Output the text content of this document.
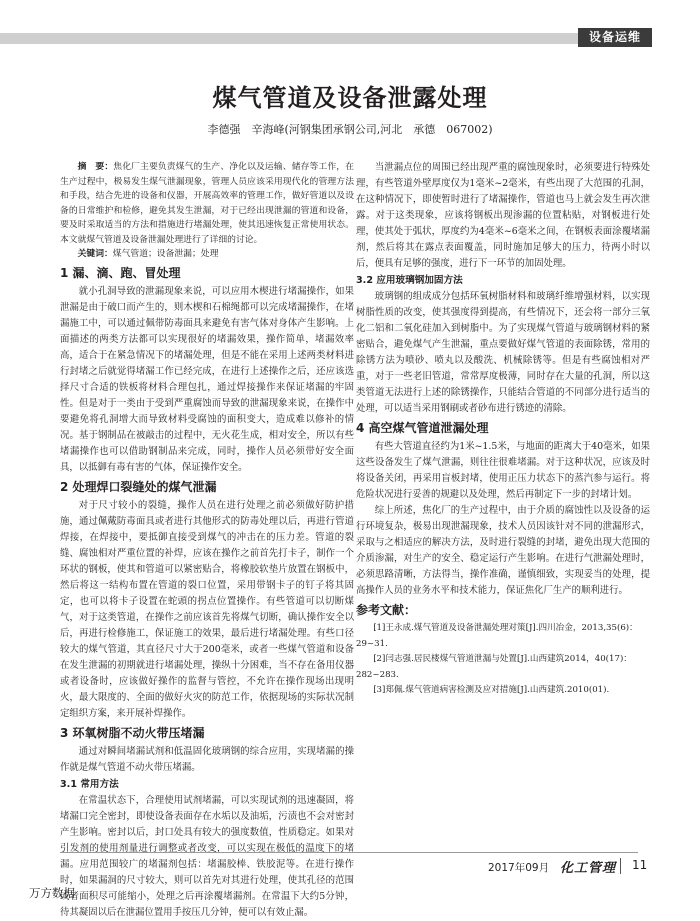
设备运维
煤气管道及设备泄露处理
李德强　辛海峰(河钢集团承钢公司,河北　承德　067002)

摘　要：焦化厂主要负责煤气的生产、净化以及运输、储存等工作，在生产过程中，极易发生煤气泄漏现象，管理人员应该采用现代化的管理方法和手段，结合先进的设备和仪器，开展高效率的管理工作，做好管道以及设备的日常维护和检修，避免其发生泄漏，对于已经出现泄漏的管道和设备，要及时采取适当的方法和措施进行堵漏处理，使其迅速恢复正常使用状态。本文就煤气管道及设备泄漏处理进行了详细的讨论。

关键词：煤气管道；设备泄漏；处理

1 漏、滴、跑、冒处理

就小孔洞导致的泄漏现象来说，可以应用木楔进行堵漏操作，如果泄漏是由于破口而产生的，则木楔和石棉绳都可以完成堵漏操作，在堵漏施工中，可以通过佩带防毒面具来避免有害气体对身体产生影响。上面描述的两类方法都可以实现很好的堵漏效果，操作简单，堵漏效率高，适合于在紧急情况下的堵漏处理，但是不能在采用上述两类材料进行封堵之后就觉得堵漏工作已经完成，在进行上述操作之后，还应该选择尺寸合适的铁板将材料合理包扎，通过焊接操作来保证堵漏的牢固性。但是对于一类由于受到严重腐蚀而导致的泄漏现象来说，在操作中要避免将孔洞增大而导致材料受腐蚀的面积变大，造成难以修补的情况。基于钢制品在被敲击的过程中，无火花生成，相对安全，所以有些堵漏操作也可以借助钢制品来完成，同时，操作人员必须带好安全面具，以抵御有毒有害的气体，保证操作安全。

2 处理焊口裂缝处的煤气泄漏

对于尺寸较小的裂缝，操作人员在进行处理之前必须做好防护措施，通过佩戴防毒面具或者进行其他形式的防毒处理以后，再进行管道焊接，在焊接中，要抵御直接受到煤气的冲击在的压力差。管道的裂缝、腐蚀相对严重位置的补焊，应该在操作之前首先打卡子，制作一个环状的钢板，使其和管道可以紧密贴合，将橡胶软垫片放置在钢板中，然后将这一结构布置在管道的裂口位置，采用带钢卡子的钉子将其固定，也可以将卡子设置在蛇頭的拐点位置操作。有些管道可以切断煤气，对于这类管道，在操作之前应该首先将煤气切断，确认操作安全以后，再进行检修施工，保证施工的效果，最后进行堵漏处理。有些口径较大的煤气管道，其直径尺寸大于200毫米，或者一些煤气管道和设备在发生泄漏的初期就进行堵漏处理，操纵十分困难，当不存在备用仪器或者设备时，应该做好操作的监督与管控，不允许在操作现场出现明火，最大限度的、全面的做好火灾的防范工作，依据现场的实际状况制定组织方案，来开展补焊操作。

3 环氧树脂不动火带压堵漏

通过对瞬间堵漏试剂和低温固化玻璃钢的综合应用，实现堵漏的操作就是煤气管道不动火带压堵漏。

3.1 常用方法

在常温状态下，合理使用试剂堵漏，可以实现试剂的迅速凝固，将堵漏口完全密封，即使设备表面存在水垢以及油垢，污渍也不会对密封产生影响。密封以后，封口处具有较大的强度数值，性质稳定。如果对引发剂的使用剂量进行调整或者改变，可以实现在极低的温度下的堵漏。应用范围较广的堵漏剂包括：堵漏胶棒、铁胶泥等。在进行操作时，如果漏洞的尺寸较大，则可以首先对其进行处理，使其孔径的范围或者面积尽可能缩小，处理之后再涂覆堵漏剂。在常温下大约5分钟，待其凝固以后在泄漏位置用手按压几分钟，便可以有效止漏。

当泄漏点位的周围已经出现严重的腐蚀现象时，必须要进行特殊处理，有些管道外壁厚度仅为1毫米~2毫米，有些出现了大范围的孔洞，在这种情况下，即使暂时进行了堵漏操作，管道也马上就会发生再次泄露。对于这类现象，应该将钢板出现渗漏的位置粘贴，对钢板进行处理，使其处于弧状，厚度约为4毫米~6毫米之间，在钢板表面涂覆堵漏剂，然后将其在露点表面覆盖，同时施加足够大的压力，待两小时以后，便具有足够的强度，进行下一环节的加固处理。

3.2 应用玻璃钢加固方法

玻璃钢的组成成分包括环氧树脂材料和玻璃纤维增强材料，以实现树脂性质的改变，使其强度得到提高，有些情况下，还会将一部分三氧化二铝和二氧化硅加入到树脂中。为了实现煤气管道与玻璃钢材料的紧密贴合，避免煤气产生泄漏，重点要做好煤气管道的表面除锈，常用的除锈方法为喷砂、喷丸以及酸洗、机械除锈等。但是有些腐蚀相对严重，对于一些老旧管道，常常厚度极薄，同时存在大量的孔洞，所以这类管道无法进行上述的除锈操作，只能结合管道的不同部分进行适当的处理，可以适当采用钢刷或者砂布进行锈迹的清除。

4 高空煤气管道泄漏处理

有些大管道直径约为1米~1.5米，与地面的距离大于40毫米，如果这些设备发生了煤气泄漏，则往往很难堵漏。对于这种状况，应该及时将设备关闭，再采用盲板封堵，使用正压力状态下的蒸汽参与运行。将危险状况进行妥善的规避以及处理，然后再制定下一步的封堵计划。

综上所述，焦化厂的生产过程中，由于介质的腐蚀性以及设备的运行环境复杂，极易出现泄漏现象，技术人员因该针对不同的泄漏形式，采取与之相适应的解决方法，及时进行裂缝的封堵，避免出现大范围的介质渗漏，对生产的安全、稳定运行产生影响。在进行气泄漏处理时，必须思路清晰，方法得当，操作准确，谨慎细致，实现妥当的处理，提高操作人员的业务水平和技术能力，保证焦化厂生产的顺利进行。

参考文献：

[1]王永成.煤气管道及设备泄漏处理对策[J].四川冶金，2013,35(6)：29~31.

[2]闫志强.居民楼煤气管道泄漏与处置[J].山西建筑2014，40(17)：282~283.

[3]郑佩.煤气管道病害检测及应对措施[J].山西建筑.2010(01).

2017年09月 化工管理 11
万方数据
